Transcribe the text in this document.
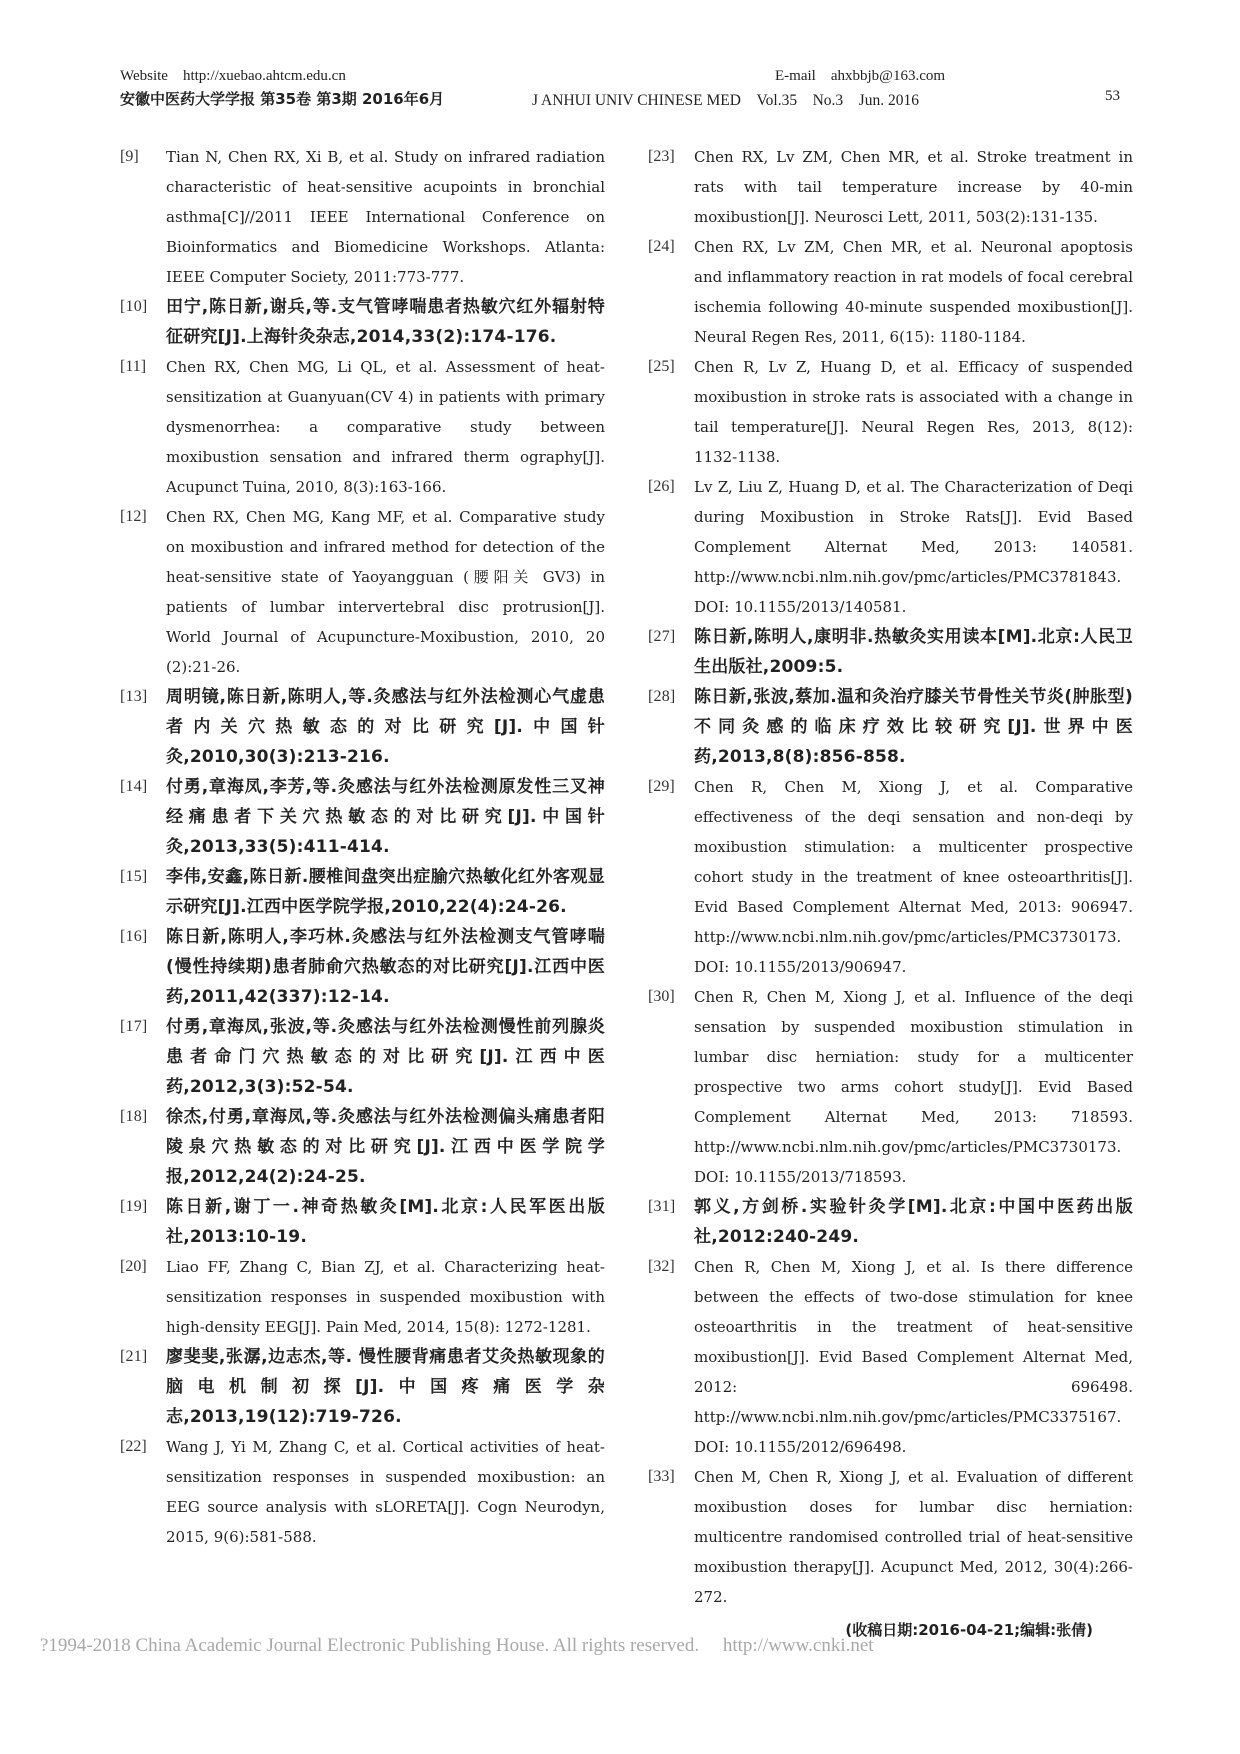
Website　http://xuebao.ahtcm.edu.cn	E-mail　ahxbbjb@163.com
安徽中医药大学学报 第35卷 第3期 2016年6月	J ANHUI UNIV CHINESE MED　Vol.35　No.3　Jun. 2016	53

[9] Tian N, Chen RX, Xi B, et al. Study on infrared radiation characteristic of heat-sensitive acupoints in bronchial asthma[C]//2011 IEEE International Conference on Bioinformatics and Biomedicine Workshops. Atlanta: IEEE Computer Society, 2011:773-777.

[10] 田宁,陈日新,谢兵,等.支气管哮喘患者热敏穴红外辐射特征研究[J].上海针灸杂志,2014,33(2):174-176.

[11] Chen RX, Chen MG, Li QL, et al. Assessment of heat-sensitization at Guanyuan(CV 4) in patients with primary dysmenorrhea: a comparative study between moxibustion sensation and infrared therm ography[J]. Acupunct Tuina, 2010, 8(3):163-166.

[12] Chen RX, Chen MG, Kang MF, et al. Comparative study on moxibustion and infrared method for detection of the heat-sensitive state of Yaoyangguan (腰阳关 GV3) in patients of lumbar intervertebral disc protrusion[J]. World Journal of Acupuncture-Moxibustion, 2010, 20 (2):21-26.

[13] 周明镜,陈日新,陈明人,等.灸感法与红外法检测心气虚患者内关穴热敏态的对比研究[J].中国针灸,2010,30(3):213-216.

[14] 付勇,章海凤,李芳,等.灸感法与红外法检测原发性三叉神经痛患者下关穴热敏态的对比研究[J].中国针灸,2013,33(5):411-414.

[15] 李伟,安鑫,陈日新.腰椎间盘突出症腧穴热敏化红外客观显示研究[J].江西中医学院学报,2010,22(4):24-26.

[16] 陈日新,陈明人,李巧林.灸感法与红外法检测支气管哮喘(慢性持续期)患者肺俞穴热敏态的对比研究[J].江西中医药,2011,42(337):12-14.

[17] 付勇,章海凤,张波,等.灸感法与红外法检测慢性前列腺炎患者命门穴热敏态的对比研究[J].江西中医药,2012,3(3):52-54.

[18] 徐杰,付勇,章海凤,等.灸感法与红外法检测偏头痛患者阳陵泉穴热敏态的对比研究[J].江西中医学院学报,2012,24(2):24-25.

[19] 陈日新,谢丁一.神奇热敏灸[M].北京:人民军医出版社,2013:10-19.

[20] Liao FF, Zhang C, Bian ZJ, et al. Characterizing heat-sensitization responses in suspended moxibustion with high-density EEG[J]. Pain Med, 2014, 15(8): 1272-1281.

[21] 廖斐斐,张潺,边志杰,等. 慢性腰背痛患者艾灸热敏现象的脑电机制初探[J].中国疼痛医学杂志,2013,19(12):719-726.

[22] Wang J, Yi M, Zhang C, et al. Cortical activities of heat-sensitization responses in suspended moxibustion: an EEG source analysis with sLORETA[J]. Cogn Neurodyn, 2015, 9(6):581-588.

[23] Chen RX, Lv ZM, Chen MR, et al. Stroke treatment in rats with tail temperature increase by 40-min moxibustion[J]. Neurosci Lett, 2011, 503(2):131-135.

[24] Chen RX, Lv ZM, Chen MR, et al. Neuronal apoptosis and inflammatory reaction in rat models of focal cerebral ischemia following 40-minute suspended moxibustion[J]. Neural Regen Res, 2011, 6(15): 1180-1184.

[25] Chen R, Lv Z, Huang D, et al. Efficacy of suspended moxibustion in stroke rats is associated with a change in tail temperature[J]. Neural Regen Res, 2013, 8(12): 1132-1138.

[26] Lv Z, Liu Z, Huang D, et al. The Characterization of Deqi during Moxibustion in Stroke Rats[J]. Evid Based Complement Alternat Med, 2013: 140581. http://www.ncbi.nlm.nih.gov/pmc/articles/PMC3781843. DOI: 10.1155/2013/140581.

[27] 陈日新,陈明人,康明非.热敏灸实用读本[M].北京:人民卫生出版社,2009:5.

[28] 陈日新,张波,蔡加.温和灸治疗膝关节骨性关节炎(肿胀型)不同灸感的临床疗效比较研究[J].世界中医药,2013,8(8):856-858.

[29] Chen R, Chen M, Xiong J, et al. Comparative effectiveness of the deqi sensation and non-deqi by moxibustion stimulation: a multicenter prospective cohort study in the treatment of knee osteoarthritis[J]. Evid Based Complement Alternat Med, 2013: 906947. http://www.ncbi.nlm.nih.gov/pmc/articles/PMC3730173. DOI: 10.1155/2013/906947.

[30] Chen R, Chen M, Xiong J, et al. Influence of the deqi sensation by suspended moxibustion stimulation in lumbar disc herniation: study for a multicenter prospective two arms cohort study[J]. Evid Based Complement Alternat Med, 2013: 718593. http://www.ncbi.nlm.nih.gov/pmc/articles/PMC3730173. DOI: 10.1155/2013/718593.

[31] 郭义,方剑桥.实验针灸学[M].北京:中国中医药出版社,2012:240-249.

[32] Chen R, Chen M, Xiong J, et al. Is there difference between the effects of two-dose stimulation for knee osteoarthritis in the treatment of heat-sensitive moxibustion[J]. Evid Based Complement Alternat Med, 2012: 696498. http://www.ncbi.nlm.nih.gov/pmc/articles/PMC3375167. DOI: 10.1155/2012/696498.

[33] Chen M, Chen R, Xiong J, et al. Evaluation of different moxibustion doses for lumbar disc herniation: multicentre randomised controlled trial of heat-sensitive moxibustion therapy[J]. Acupunct Med, 2012, 30(4):266-272.

(收稿日期:2016-04-21;编辑:张倩)
?1994-2018 China Academic Journal Electronic Publishing House. All rights reserved.　 http://www.cnki.net
